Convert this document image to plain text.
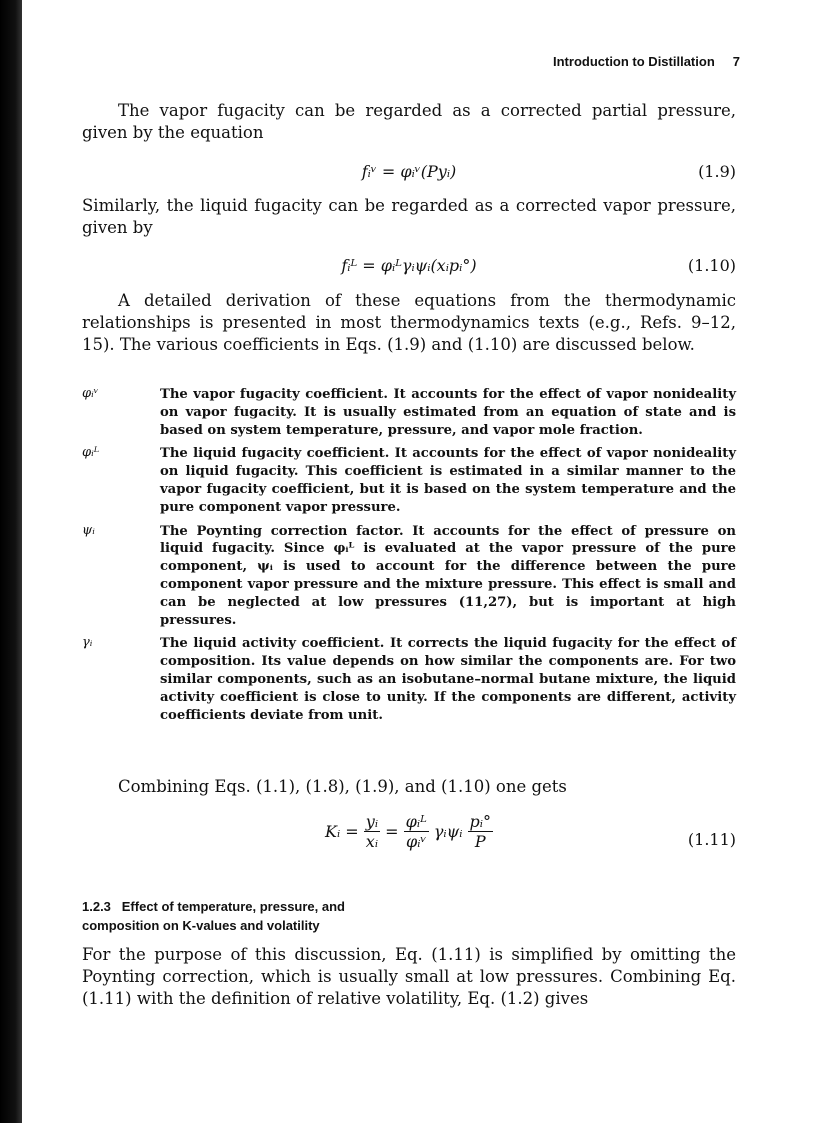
Introduction to Distillation 7

The vapor fugacity can be regarded as a corrected partial pressure, given by the equation

fᵢᵛ = φᵢᵛ(Pyᵢ)	(1.9)

Similarly, the liquid fugacity can be regarded as a corrected vapor pressure, given by

fᵢᴸ = φᵢᴸγᵢψᵢ(xᵢpᵢ°)	(1.10)

A detailed derivation of these equations from the thermodynamic relationships is presented in most thermodynamics texts (e.g., Refs. 9–12, 15). The various coefficients in Eqs. (1.9) and (1.10) are discussed below.

φᵢᵛ	The vapor fugacity coefficient. It accounts for the effect of vapor nonideality on vapor fugacity. It is usually estimated from an equation of state and is based on system temperature, pressure, and vapor mole fraction.
φᵢᴸ	The liquid fugacity coefficient. It accounts for the effect of vapor nonideality on liquid fugacity. This coefficient is estimated in a similar manner to the vapor fugacity coefficient, but it is based on the system temperature and the pure component vapor pressure.
ψᵢ	The Poynting correction factor. It accounts for the effect of pressure on liquid fugacity. Since φᵢᴸ is evaluated at the vapor pressure of the pure component, ψᵢ is used to account for the difference between the pure component vapor pressure and the mixture pressure. This effect is small and can be neglected at low pressures (11,27), but is important at high pressures.
γᵢ	The liquid activity coefficient. It corrects the liquid fugacity for the effect of composition. Its value depends on how similar the components are. For two similar components, such as an isobutane–normal butane mixture, the liquid activity coefficient is close to unity. If the components are different, activity coefficients deviate from unit.

Combining Eqs. (1.1), (1.8), (1.9), and (1.10) one gets

Kᵢ = $\frac{\text{yᵢ}}{\text{xᵢ}} = \frac{\text{φᵢᴸ}}{\text{φᵢᵛ}}$ γᵢψᵢ $\frac{\text{pᵢ°}}{P}$	(1.11)
1.2.3 Effect of temperature, pressure, and
composition on K-values and volatility

For the purpose of this discussion, Eq. (1.11) is simplified by omitting the Poynting correction, which is usually small at low pressures. Combining Eq. (1.11) with the definition of relative volatility, Eq. (1.2) gives
